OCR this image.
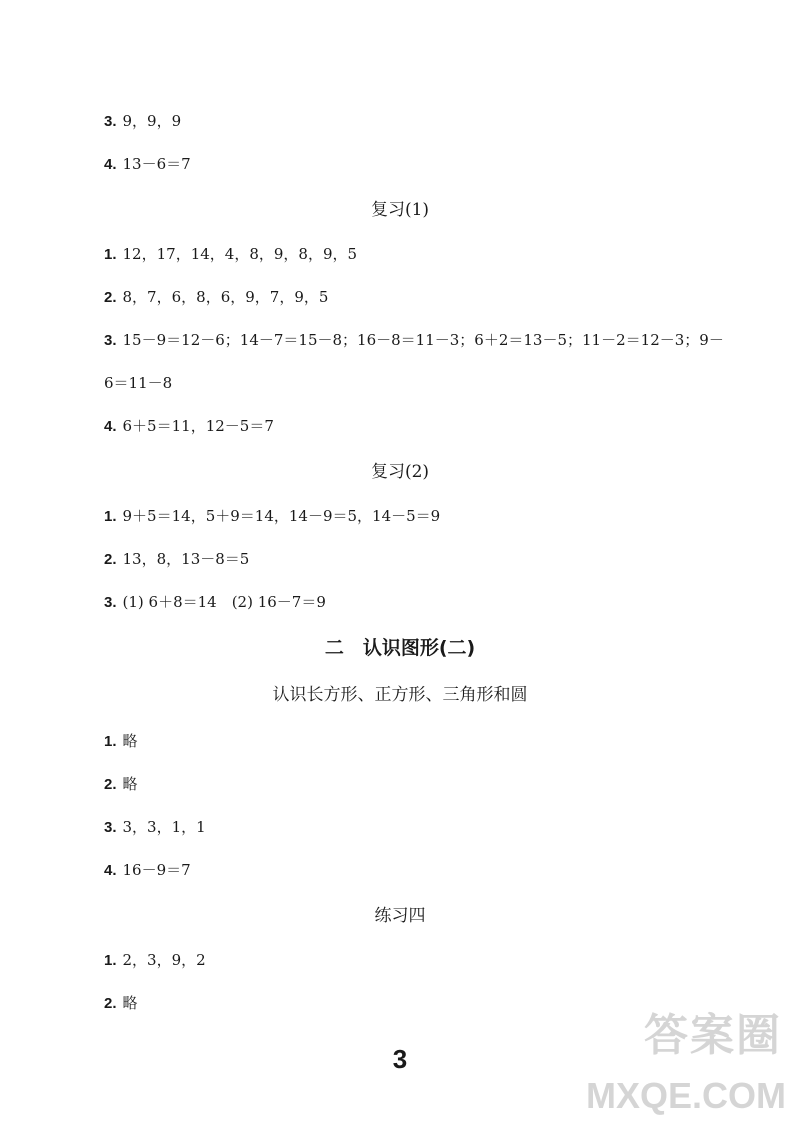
3. 9，9，9
4. 13－6＝7
复习(1)
1. 12，17，14，4，8，9，8，9，5
2. 8，7，6，8，6，9，7，9，5
3. 15－9＝12－6；14－7＝15－8；16－8＝11－3；6＋2＝13－5；11－2＝12－3；9－
6＝11－8
4. 6＋5＝11，12－5＝7
复习(2)
1. 9＋5＝14，5＋9＝14，14－9＝5，14－5＝9
2. 13，8，13－8＝5
3. (1) 6＋8＝14　(2) 16－7＝9
二　认识图形(二)
认识长方形、正方形、三角形和圆
1. 略
2. 略
3. 3，3，1，1
4. 16－9＝7
练习四
1. 2，3，9，2
2. 略
3	答案圈
MXQE.COM
